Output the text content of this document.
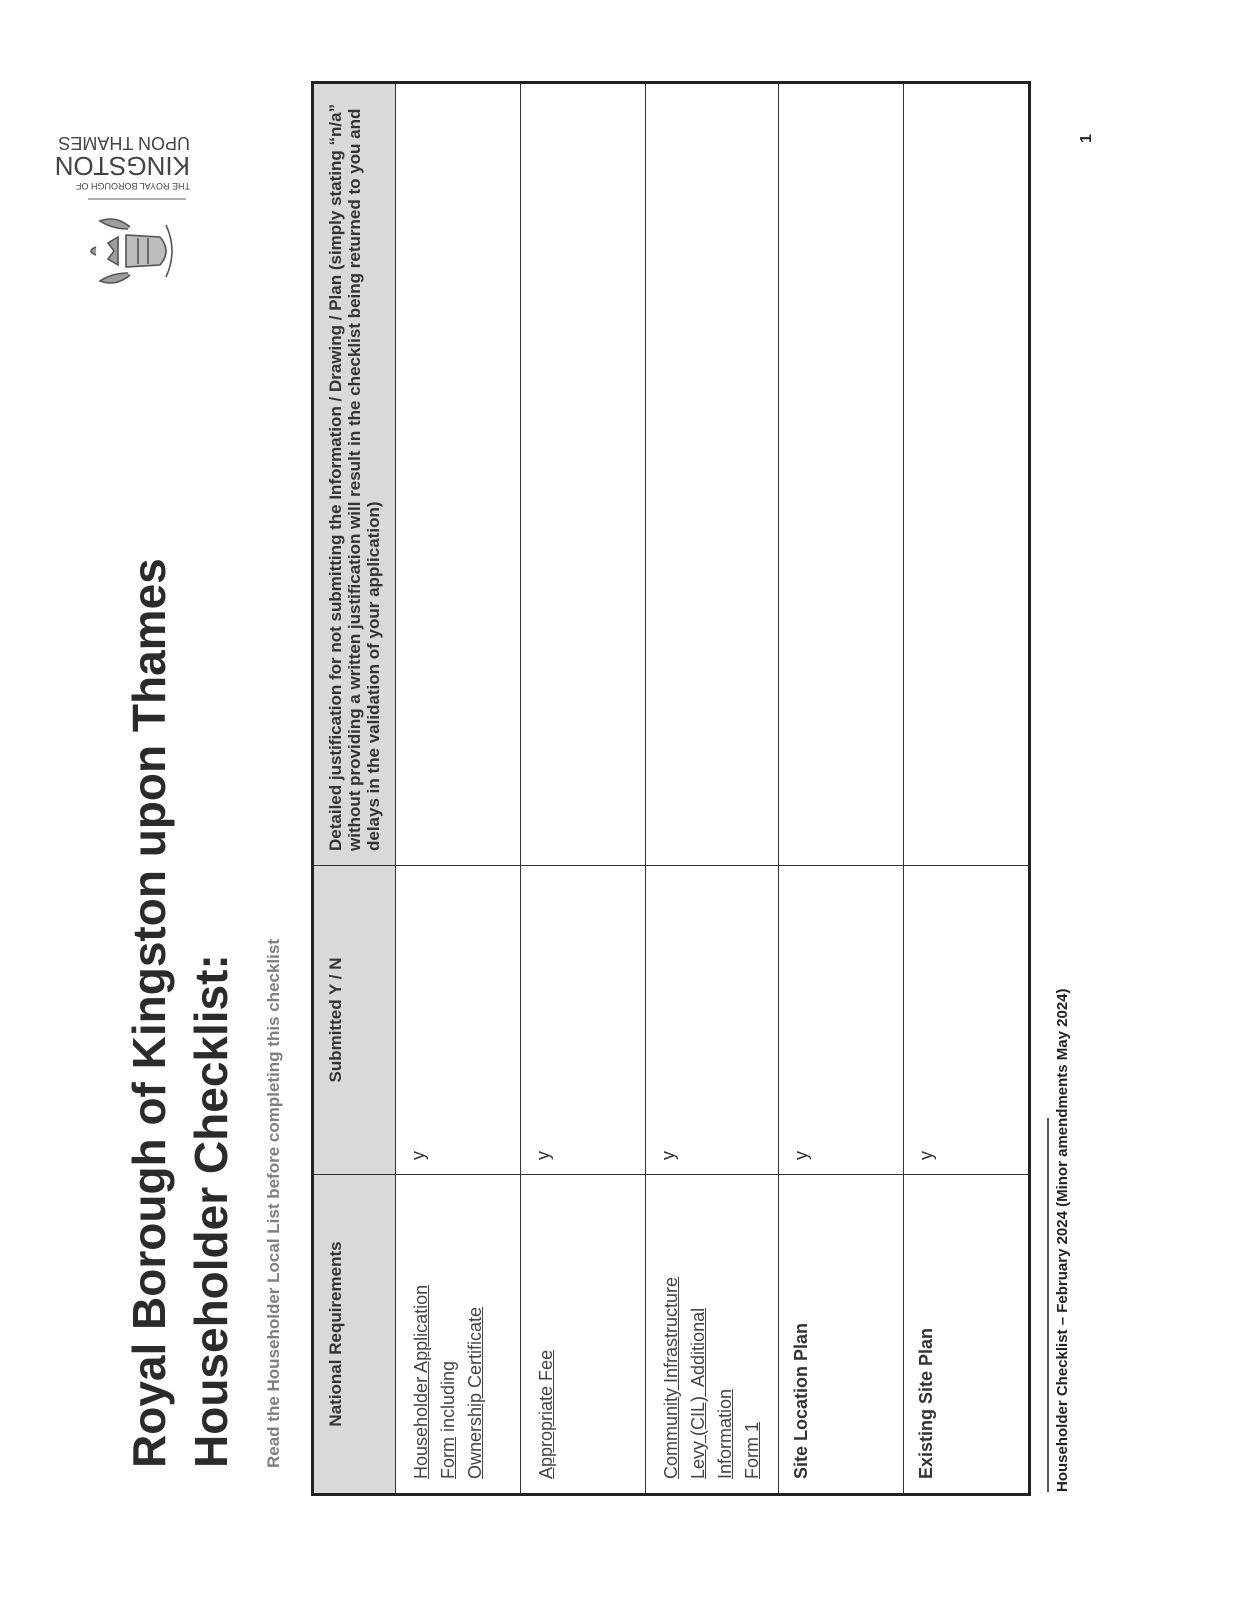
Royal Borough of Kingston upon Thames Householder Checklist: Read the Householder Local List before completing this checklist

THE ROYAL BOROUGH OF
KINGSTON
UPON THAMES
National Requirements	Submitted Y / N	Detailed justification for not submitting the Information / Drawing / Plan (simply stating “n/a” without providing a written justification will result in the checklist being returned to you and delays in the validation of your application)

Householder Application Form including Ownership Certificate	y	

Appropriate Fee	y	

Community Infrastructure Levy (CIL)  Additional Information Form 1	y	

Site Location Plan	y	

Existing Site Plan	y		Householder Checklist – February 2024 (Minor amendments May 2024)
1
